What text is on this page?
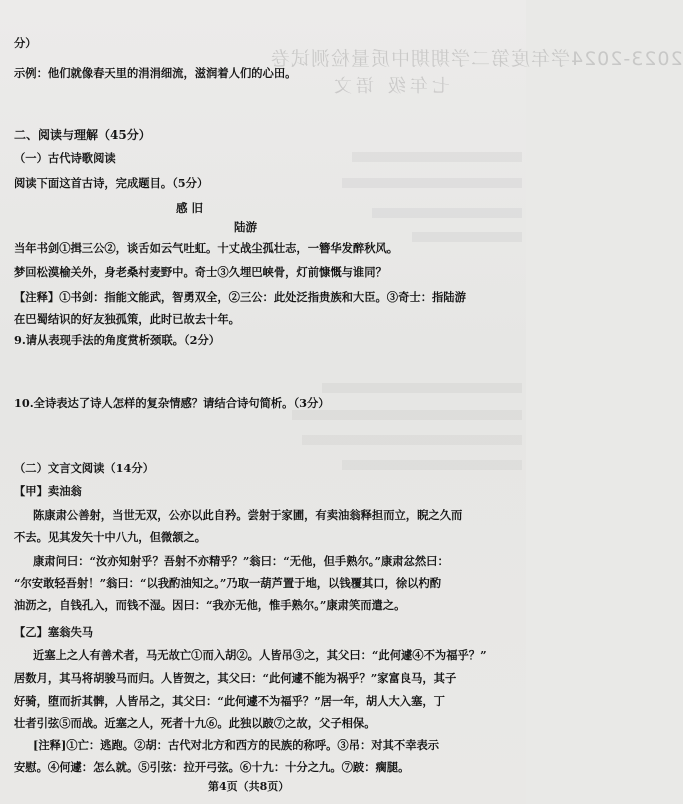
2023-2024学年度第二学期期中质量检测试卷
七年级 语文
分）
示例：他们就像春天里的涓涓细流，滋润着人们的心田。
二、阅读与理解（45分）
（一）古代诗歌阅读
阅读下面这首古诗，完成题目。（5分）
感 旧
陆游
当年书剑①揖三公②，谈舌如云气吐虹。十丈战尘孤壮志，一簪华发醉秋风。
梦回松漠榆关外，身老桑村麦野中。奇士③久埋巴峡骨，灯前慷慨与谁同？
【注释】①书剑：指能文能武，智勇双全，②三公：此处泛指贵族和大臣。③奇士：指陆游
在巴蜀结识的好友独孤策，此时已故去十年。
9.请从表现手法的角度赏析颈联。（2分）
10.全诗表达了诗人怎样的复杂情感？请结合诗句简析。（3分）
（二）文言文阅读（14分）
【甲】卖油翁
陈康肃公善射，当世无双，公亦以此自矜。尝射于家圃，有卖油翁释担而立，睨之久而
不去。见其发矢十中八九，但微颔之。
康肃问曰：“汝亦知射乎？吾射不亦精乎？”翁曰：“无他，但手熟尔。”康肃忿然曰：
“尔安敢轻吾射！”翁曰：“以我酌油知之。”乃取一葫芦置于地，以钱覆其口，徐以杓酌
油沥之，自钱孔入，而钱不湿。因曰：“我亦无他，惟手熟尔。”康肃笑而遣之。
【乙】塞翁失马
近塞上之人有善术者，马无故亡①而入胡②。人皆吊③之，其父曰：“此何遽④不为福乎？”
居数月，其马将胡骏马而归。人皆贺之，其父曰：“此何遽不能为祸乎？”家富良马，其子
好骑，堕而折其髀，人皆吊之，其父曰：“此何遽不为福乎？”居一年，胡人大入塞，丁
壮者引弦⑤而战。近塞之人，死者十九⑥。此独以跛⑦之故，父子相保。
[注释]①亡：逃跑。②胡：古代对北方和西方的民族的称呼。③吊：对其不幸表示
安慰。④何遽：怎么就。⑤引弦：拉开弓弦。⑥十九：十分之九。⑦跛：瘸腿。
第4页（共8页）
